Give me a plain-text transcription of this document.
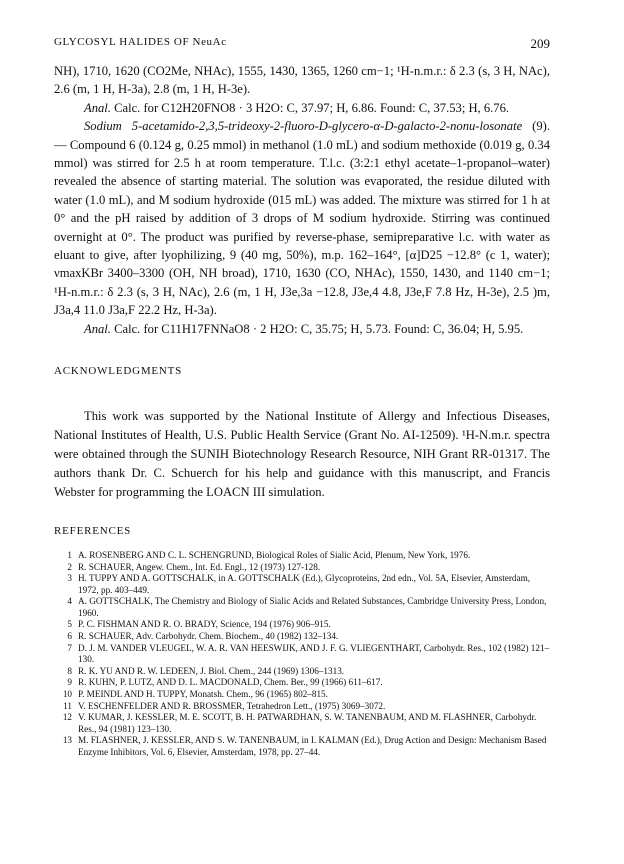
GLYCOSYL HALIDES OF NeuAc	209

NH), 1710, 1620 (CO2Me, NHAc), 1555, 1430, 1365, 1260 cm−1; ¹H-n.m.r.: δ 2.3 (s, 3 H, NAc), 2.6 (m, 1 H, H-3a), 2.8 (m, 1 H, H-3e).

Anal. Calc. for C12H20FNO8 · 3 H2O: C, 37.97; H, 6.86. Found: C, 37.53; H, 6.76.

Sodium 5-acetamido-2,3,5-trideoxy-2-fluoro-D-glycero-α-D-galacto-2-nonu-losonate (9). — Compound 6 (0.124 g, 0.25 mmol) in methanol (1.0 mL) and sodium methoxide (0.019 g, 0.34 mmol) was stirred for 2.5 h at room temperature. T.l.c. (3:2:1 ethyl acetate–1-propanol–water) revealed the absence of starting material. The solution was evaporated, the residue diluted with water (1.0 mL), and M sodium hydroxide (015 mL) was added. The mixture was stirred for 1 h at 0° and the pH raised by addition of 3 drops of M sodium hydroxide. Stirring was continued overnight at 0°. The product was purified by reverse-phase, semipreparative l.c. with water as eluant to give, after lyophilizing, 9 (40 mg, 50%), m.p. 162–164°, [α]D25 −12.8° (c 1, water); νmaxKBr 3400–3300 (OH, NH broad), 1710, 1630 (CO, NHAc), 1550, 1430, and 1140 cm−1; ¹H-n.m.r.: δ 2.3 (s, 3 H, NAc), 2.6 (m, 1 H, J3e,3a −12.8, J3e,4 4.8, J3e,F 7.8 Hz, H-3e), 2.5 )m, J3a,4 11.0 J3a,F 22.2 Hz, H-3a).

Anal. Calc. for C11H17FNNaO8 · 2 H2O: C, 35.75; H, 5.73. Found: C, 36.04; H, 5.95.

ACKNOWLEDGMENTS

This work was supported by the National Institute of Allergy and Infectious Diseases, National Institutes of Health, U.S. Public Health Service (Grant No. AI-12509). ¹H-N.m.r. spectra were obtained through the SUNIH Biotechnology Research Resource, NIH Grant RR-01317. The authors thank Dr. C. Schuerch for his help and guidance with this manuscript, and Francis Webster for programming the LOACN III simulation.

REFERENCES
1 A. ROSENBERG AND C. L. SCHENGRUND, Biological Roles of Sialic Acid, Plenum, New York, 1976.
2 R. SCHAUER, Angew. Chem., Int. Ed. Engl., 12 (1973) 127-128.
3 H. TUPPY AND A. GOTTSCHALK, in A. GOTTSCHALK (Ed.), Glycoproteins, 2nd edn., Vol. 5A, Elsevier, Amsterdam, 1972, pp. 403–449.
4 A. GOTTSCHALK, The Chemistry and Biology of Sialic Acids and Related Substances, Cambridge University Press, London, 1960.
5 P. C. FISHMAN AND R. O. BRADY, Science, 194 (1976) 906–915.
6 R. SCHAUER, Adv. Carbohydr. Chem. Biochem., 40 (1982) 132–134.
7 D. J. M. VANDER VLEUGEL, W. A. R. VAN HEESWIJK, AND J. F. G. VLIEGENTHART, Carbohydr. Res., 102 (1982) 121–130.
8 R. K. YU AND R. W. LEDEEN, J. Biol. Chem., 244 (1969) 1306–1313.
9 R. KUHN, P. LUTZ, AND D. L. MACDONALD, Chem. Ber., 99 (1966) 611–617.
10 P. MEINDL AND H. TUPPY, Monatsh. Chem., 96 (1965) 802–815.
11 V. ESCHENFELDER AND R. BROSSMER, Tetrahedron Lett., (1975) 3069–3072.
12 V. KUMAR, J. KESSLER, M. E. SCOTT, B. H. PATWARDHAN, S. W. TANENBAUM, AND M. FLASHNER, Carbohydr. Res., 94 (1981) 123–130.
13 M. FLASHNER, J. KESSLER, AND S. W. TANENBAUM, in I. KALMAN (Ed.), Drug Action and Design: Mechanism Based Enzyme Inhibitors, Vol. 6, Elsevier, Amsterdam, 1978, pp. 27–44.
